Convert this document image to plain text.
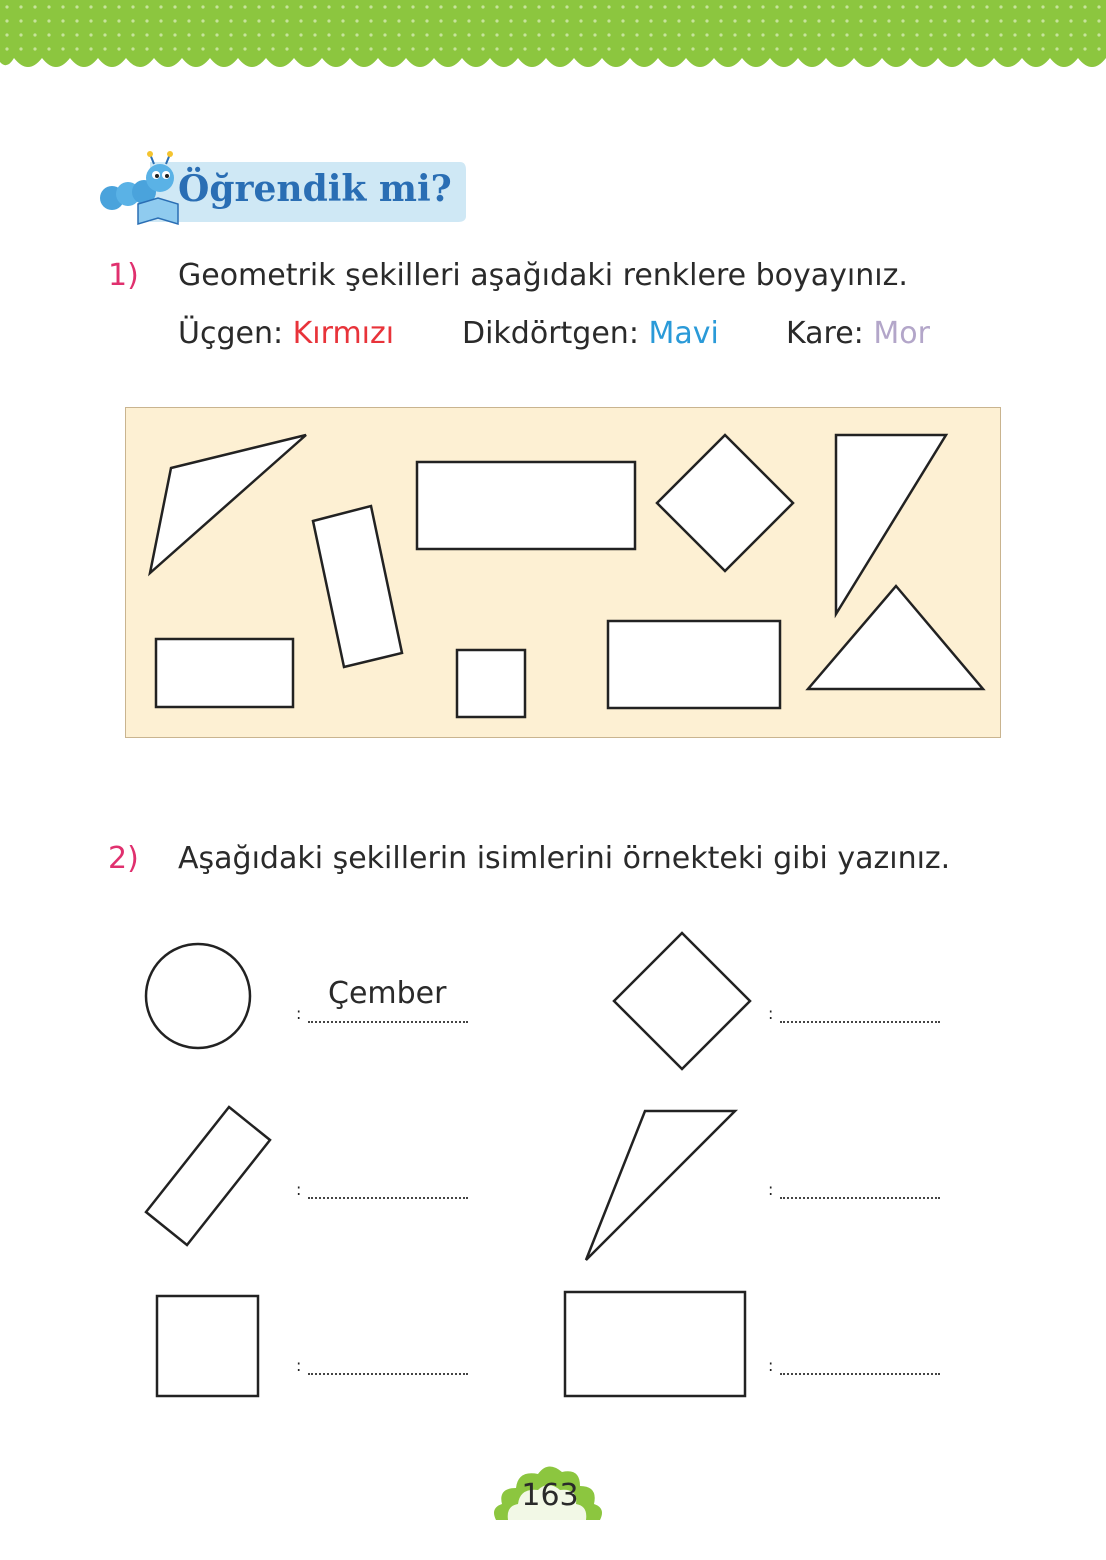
Öğrendik mi?
1) Geometrik şekilleri aşağıdaki renklere boyayınız.
Üçgen: Kırmızı Dikdörtgen: Mavi Kare: Mor
2) Aşağıdaki şekillerin isimlerini örnekteki gibi yazınız.
Çember
:	:
:	:
:	:
163
